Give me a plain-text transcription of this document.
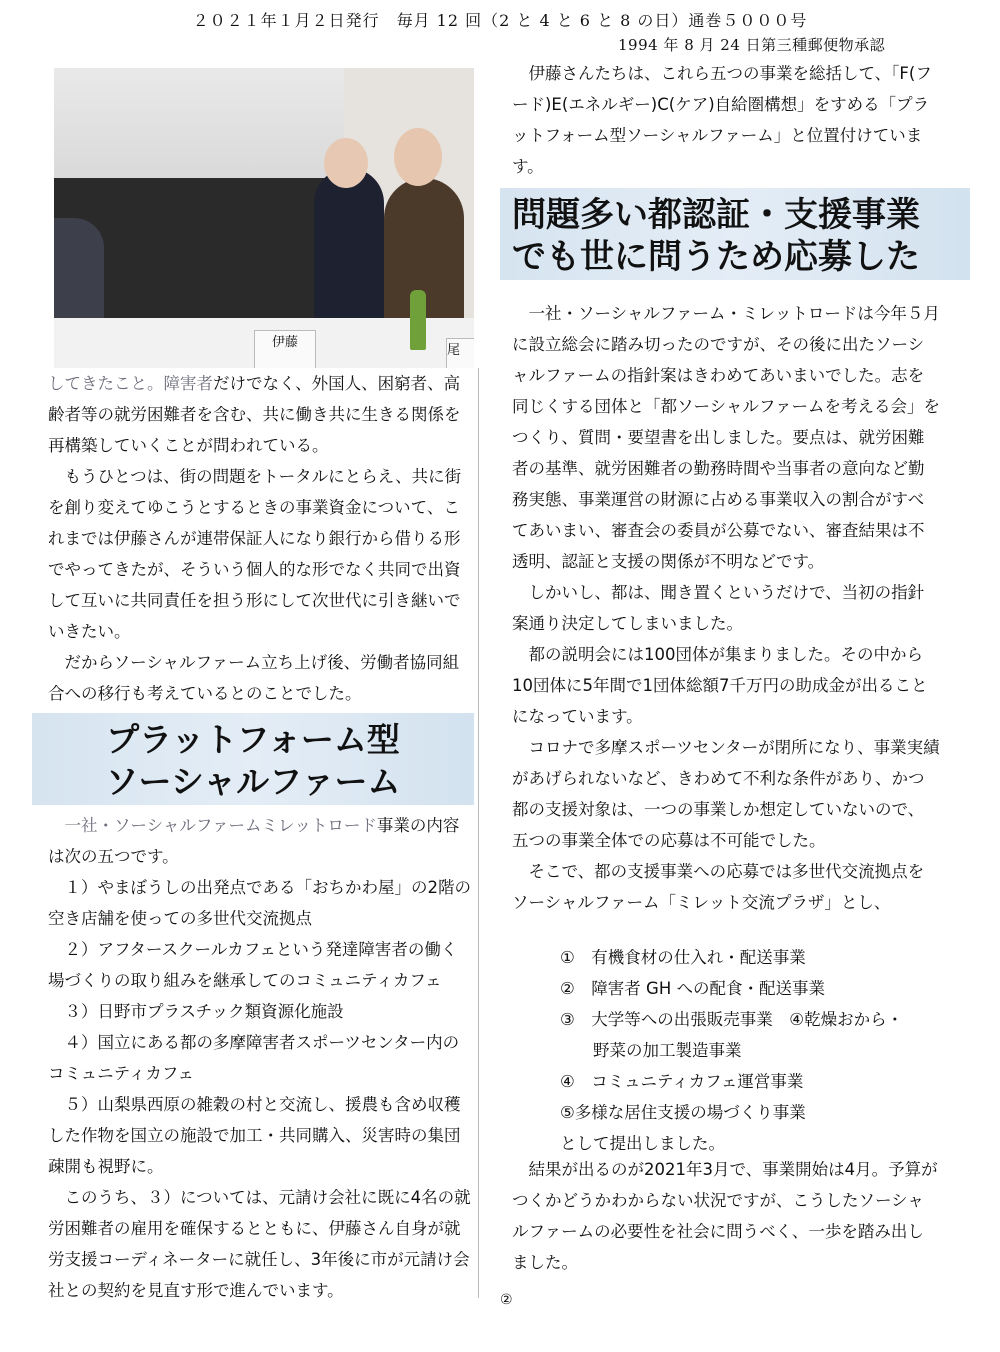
２０２１年１月２日発行　毎月 12 回（2 と 4 と 6 と 8 の日）通巻５０００号
1994 年 8 月 24 日第三種郵便物承認
伊藤
尾

してきたこと。障害者だけでなく、外国人、困窮者、高齢者等の就労困難者を含む、共に働き共に生きる関係を再構築していくことが問われている。

もうひとつは、街の問題をトータルにとらえ、共に街を創り変えてゆこうとするときの事業資金について、これまでは伊藤さんが連帯保証人になり銀行から借りる形でやってきたが、そういう個人的な形でなく共同で出資して互いに共同責任を担う形にして次世代に引き継いでいきたい。

だからソーシャルファーム立ち上げ後、労働者協同組合への移行も考えているとのことでした。

プラットフォーム型
ソーシャルファーム

一社・ソーシャルファームミレットロード事業の内容は次の五つです。

１）やまぼうしの出発点である「おちかわ屋」の2階の空き店舗を使っての多世代交流拠点

２）アフタースクールカフェという発達障害者の働く場づくりの取り組みを継承してのコミュニティカフェ

３）日野市プラスチック類資源化施設

４）国立にある都の多摩障害者スポーツセンター内のコミュニティカフェ

５）山梨県西原の雑穀の村と交流し、援農も含め収穫した作物を国立の施設で加工・共同購入、災害時の集団疎開も視野に。

このうち、３）については、元請け会社に既に4名の就労困難者の雇用を確保するとともに、伊藤さん自身が就労支援コーディネーターに就任し、3年後に市が元請け会社との契約を見直す形で進んでいます。

伊藤さんたちは、これら五つの事業を総括して、「F(フード)E(エネルギー)C(ケア)自給圏構想」をすめる「プラットフォーム型ソーシャルファーム」と位置付けています。

問題多い都認証・支援事業
でも世に問うため応募した

一社・ソーシャルファーム・ミレットロードは今年５月に設立総会に踏み切ったのですが、その後に出たソーシャルファームの指針案はきわめてあいまいでした。志を同じくする団体と「都ソーシャルファームを考える会」をつくり、質問・要望書を出しました。要点は、就労困難者の基準、就労困難者の勤務時間や当事者の意向など勤務実態、事業運営の財源に占める事業収入の割合がすべてあいまい、審査会の委員が公募でない、審査結果は不透明、認証と支援の関係が不明などです。

しかいし、都は、聞き置くというだけで、当初の指針案通り決定してしまいました。

都の説明会には100団体が集まりました。その中から10団体に5年間で1団体総額7千万円の助成金が出ることになっています。

コロナで多摩スポーツセンターが閉所になり、事業実績があげられないなど、きわめて不利な条件があり、かつ都の支援対象は、一つの事業しか想定していないので、五つの事業全体での応募は不可能でした。

そこで、都の支援事業への応募では多世代交流拠点をソーシャルファーム「ミレット交流プラザ」とし、

①　有機食材の仕入れ・配送事業

②　障害者 GH への配食・配送事業

③　大学等への出張販売事業　④乾燥おから・

　　野菜の加工製造事業

④　コミュニティカフェ運営事業

⑤多様な居住支援の場づくり事業

として提出しました。

結果が出るのが2021年3月で、事業開始は4月。予算がつくかどうかわからない状況ですが、こうしたソーシャルファームの必要性を社会に問うべく、一歩を踏み出しました。

②
